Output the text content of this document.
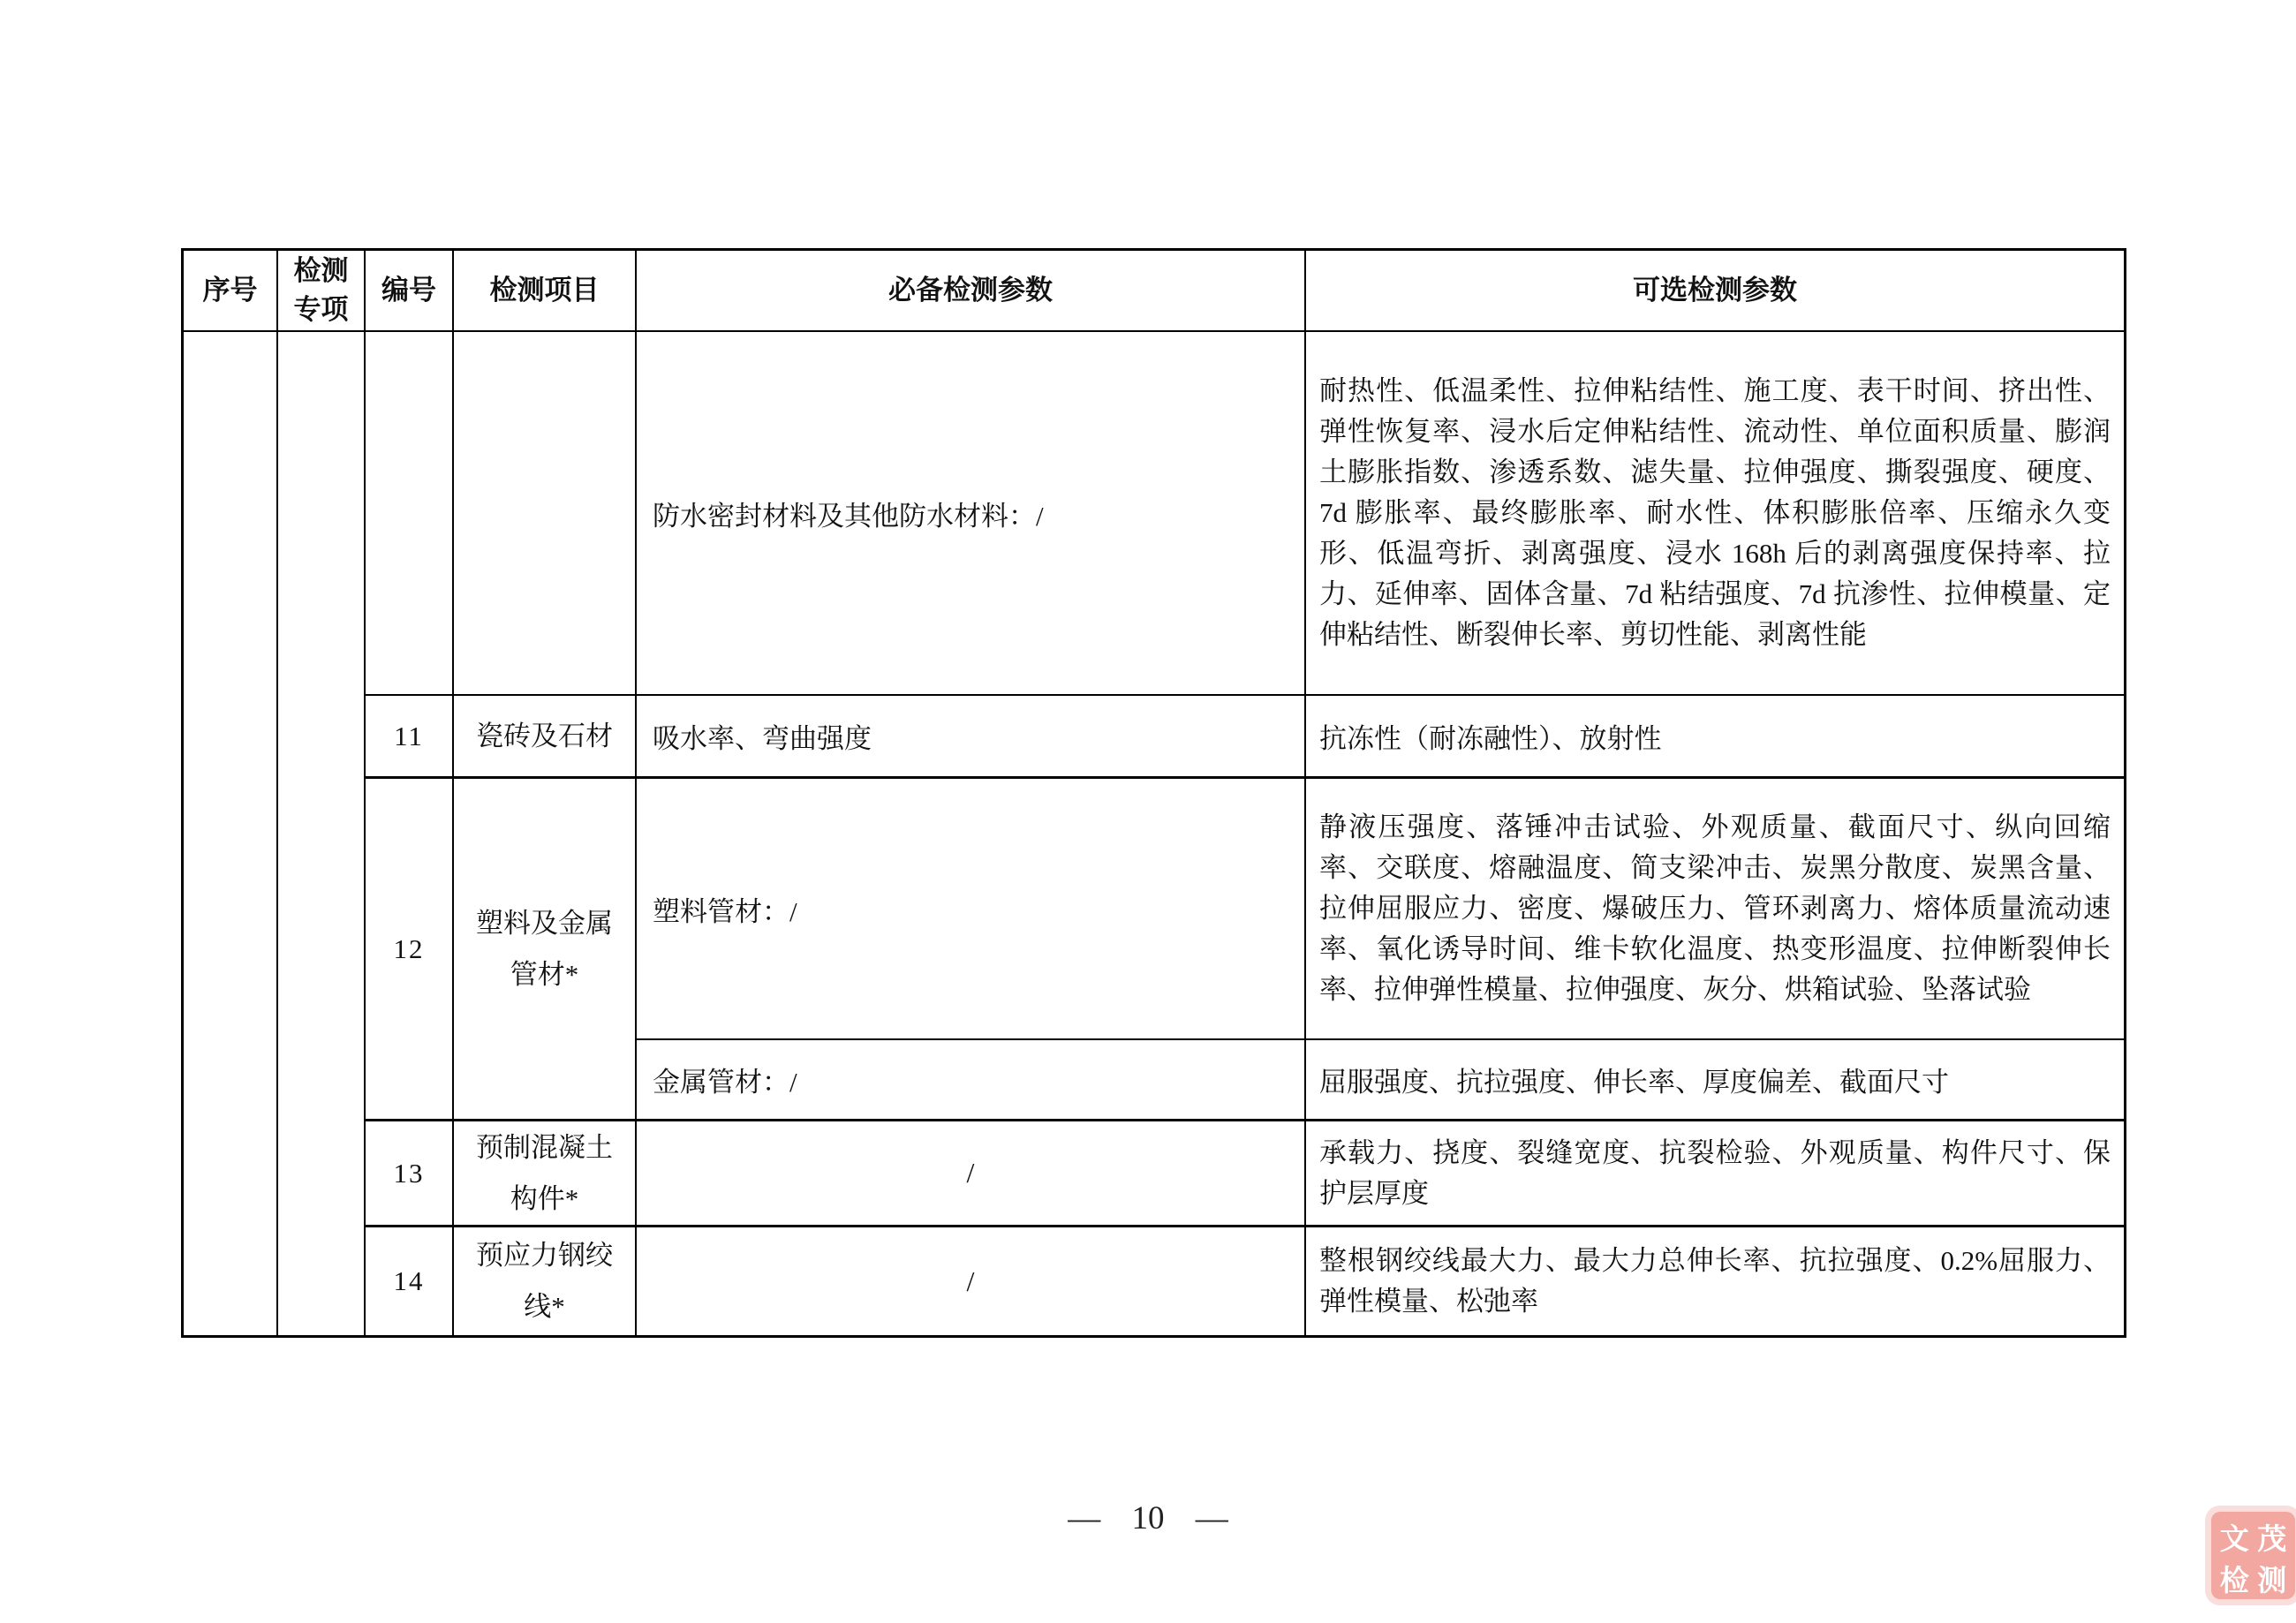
序号
检测专项
编号 检测项目	必备检测参数	可选检测参数
11
12
13
14
瓷砖及石材
塑料及金属管材*
预制混凝土构件*
预应力钢绞线*
防水密封材料及其他防水材料：/
吸水率、弯曲强度
塑料管材：/
金属管材：/
/
/
耐热性、低温柔性、拉伸粘结性、施工度、表干时间、挤出性、弹性恢复率、浸水后定伸粘结性、流动性、单位面积质量、膨润土膨胀指数、渗透系数、滤失量、拉伸强度、撕裂强度、硬度、7d 膨胀率、最终膨胀率、耐水性、体积膨胀倍率、压缩永久变形、低温弯折、剥离强度、浸水 168h 后的剥离强度保持率、拉力、延伸率、固体含量、7d 粘结强度、7d 抗渗性、拉伸模量、定伸粘结性、断裂伸长率、剪切性能、剥离性能
抗冻性（耐冻融性）、放射性
静液压强度、落锤冲击试验、外观质量、截面尺寸、纵向回缩率、交联度、熔融温度、简支梁冲击、炭黑分散度、炭黑含量、拉伸屈服应力、密度、爆破压力、管环剥离力、熔体质量流动速率、氧化诱导时间、维卡软化温度、热变形温度、拉伸断裂伸长率、拉伸弹性模量、拉伸强度、灰分、烘箱试验、坠落试验
屈服强度、抗拉强度、伸长率、厚度偏差、截面尺寸
承载力、挠度、裂缝宽度、抗裂检验、外观质量、构件尺寸、保护层厚度
整根钢绞线最大力、最大力总伸长率、抗拉强度、0.2%屈服力、弹性模量、松弛率
— 10 —
文 茂
检 测
